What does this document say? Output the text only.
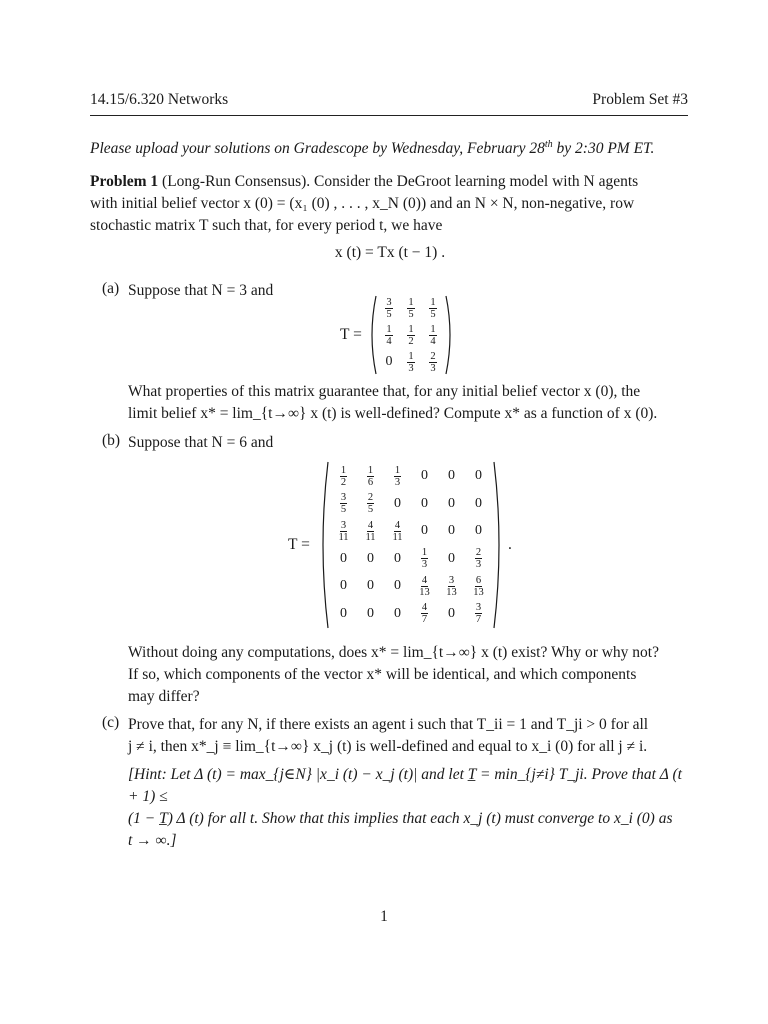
14.15/6.320 Networks	Problem Set #3
Please upload your solutions on Gradescope by Wednesday, February 28th by 2:30 PM ET.
Problem 1 (Long-Run Consensus). Consider the DeGroot learning model with N agents
with initial belief vector x (0) = (x₁ (0) , . . . , x_N (0)) and an N × N, non-negative, row
stochastic matrix T such that, for every period t, we have
x (t) = Tx (t − 1) .
(a) Suppose that N = 3 and
T =
$\frac{3}{5} \frac{1}{5} \frac{1}{5}$
$\frac{1}{4} \frac{1}{2} \frac{1}{4}$
0	$\frac{1}{3} \frac{2}{3}$
What properties of this matrix guarantee that, for any initial belief vector x (0), the
limit belief x* = lim_{t→∞} x (t) is well-defined? Compute x* as a function of x (0).
(b) Suppose that N = 6 and
T =
$\frac{1}{2} \frac{1}{6} \frac{1}{3}$	0	0	0
$\frac{3}{5} \frac{2}{5}$	0	0	0	0
$\frac{3}{11} \frac{4}{11} \frac{4}{11}$	0	0	0
0	0	0	$\frac{1}{3}$	0	$\frac{2}{3}$
0	0	0	$\frac{4}{13} \frac{3}{13} \frac{6}{13}$
0	0	0	$\frac{4}{7}$	0	$\frac{3}{7}$
.
Without doing any computations, does x* = lim_{t→∞} x (t) exist? Why or why not?
If so, which components of the vector x* will be identical, and which components
may differ?
(c) Prove that, for any N, if there exists an agent i such that T_ii = 1 and T_ji > 0 for all
j ≠ i, then x*_j ≡ lim_{t→∞} x_j (t) is well-defined and equal to x_i (0) for all j ≠ i.
[Hint: Let Δ (t) = max_{j∈N} |x_i (t) − x_j (t)| and let T̲ = min_{j≠i} T_ji. Prove that Δ (t + 1) ≤
(1 − T̲) Δ (t) for all t. Show that this implies that each x_j (t) must converge to x_i (0) as
t → ∞.]
1
